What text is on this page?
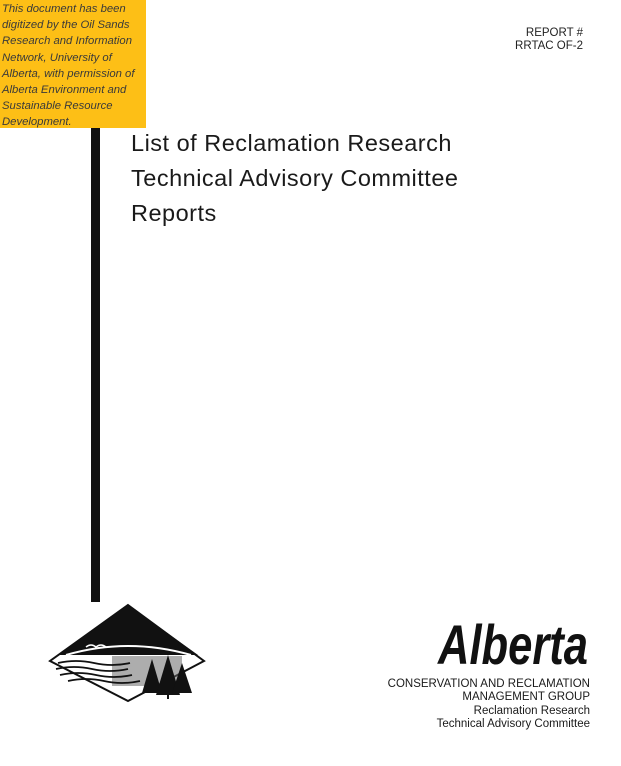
This document has been
digitized by the Oil Sands
Research and Information
Network, University of
Alberta, with permission of
Alberta Environment and
Sustainable Resource
Development.
REPORT #
RRTAC OF-2
List of Reclamation Research
Technical Advisory Committee
Reports
Alberta
CONSERVATION AND RECLAMATION
MANAGEMENT GROUP
Reclamation Research
Technical Advisory Committee
